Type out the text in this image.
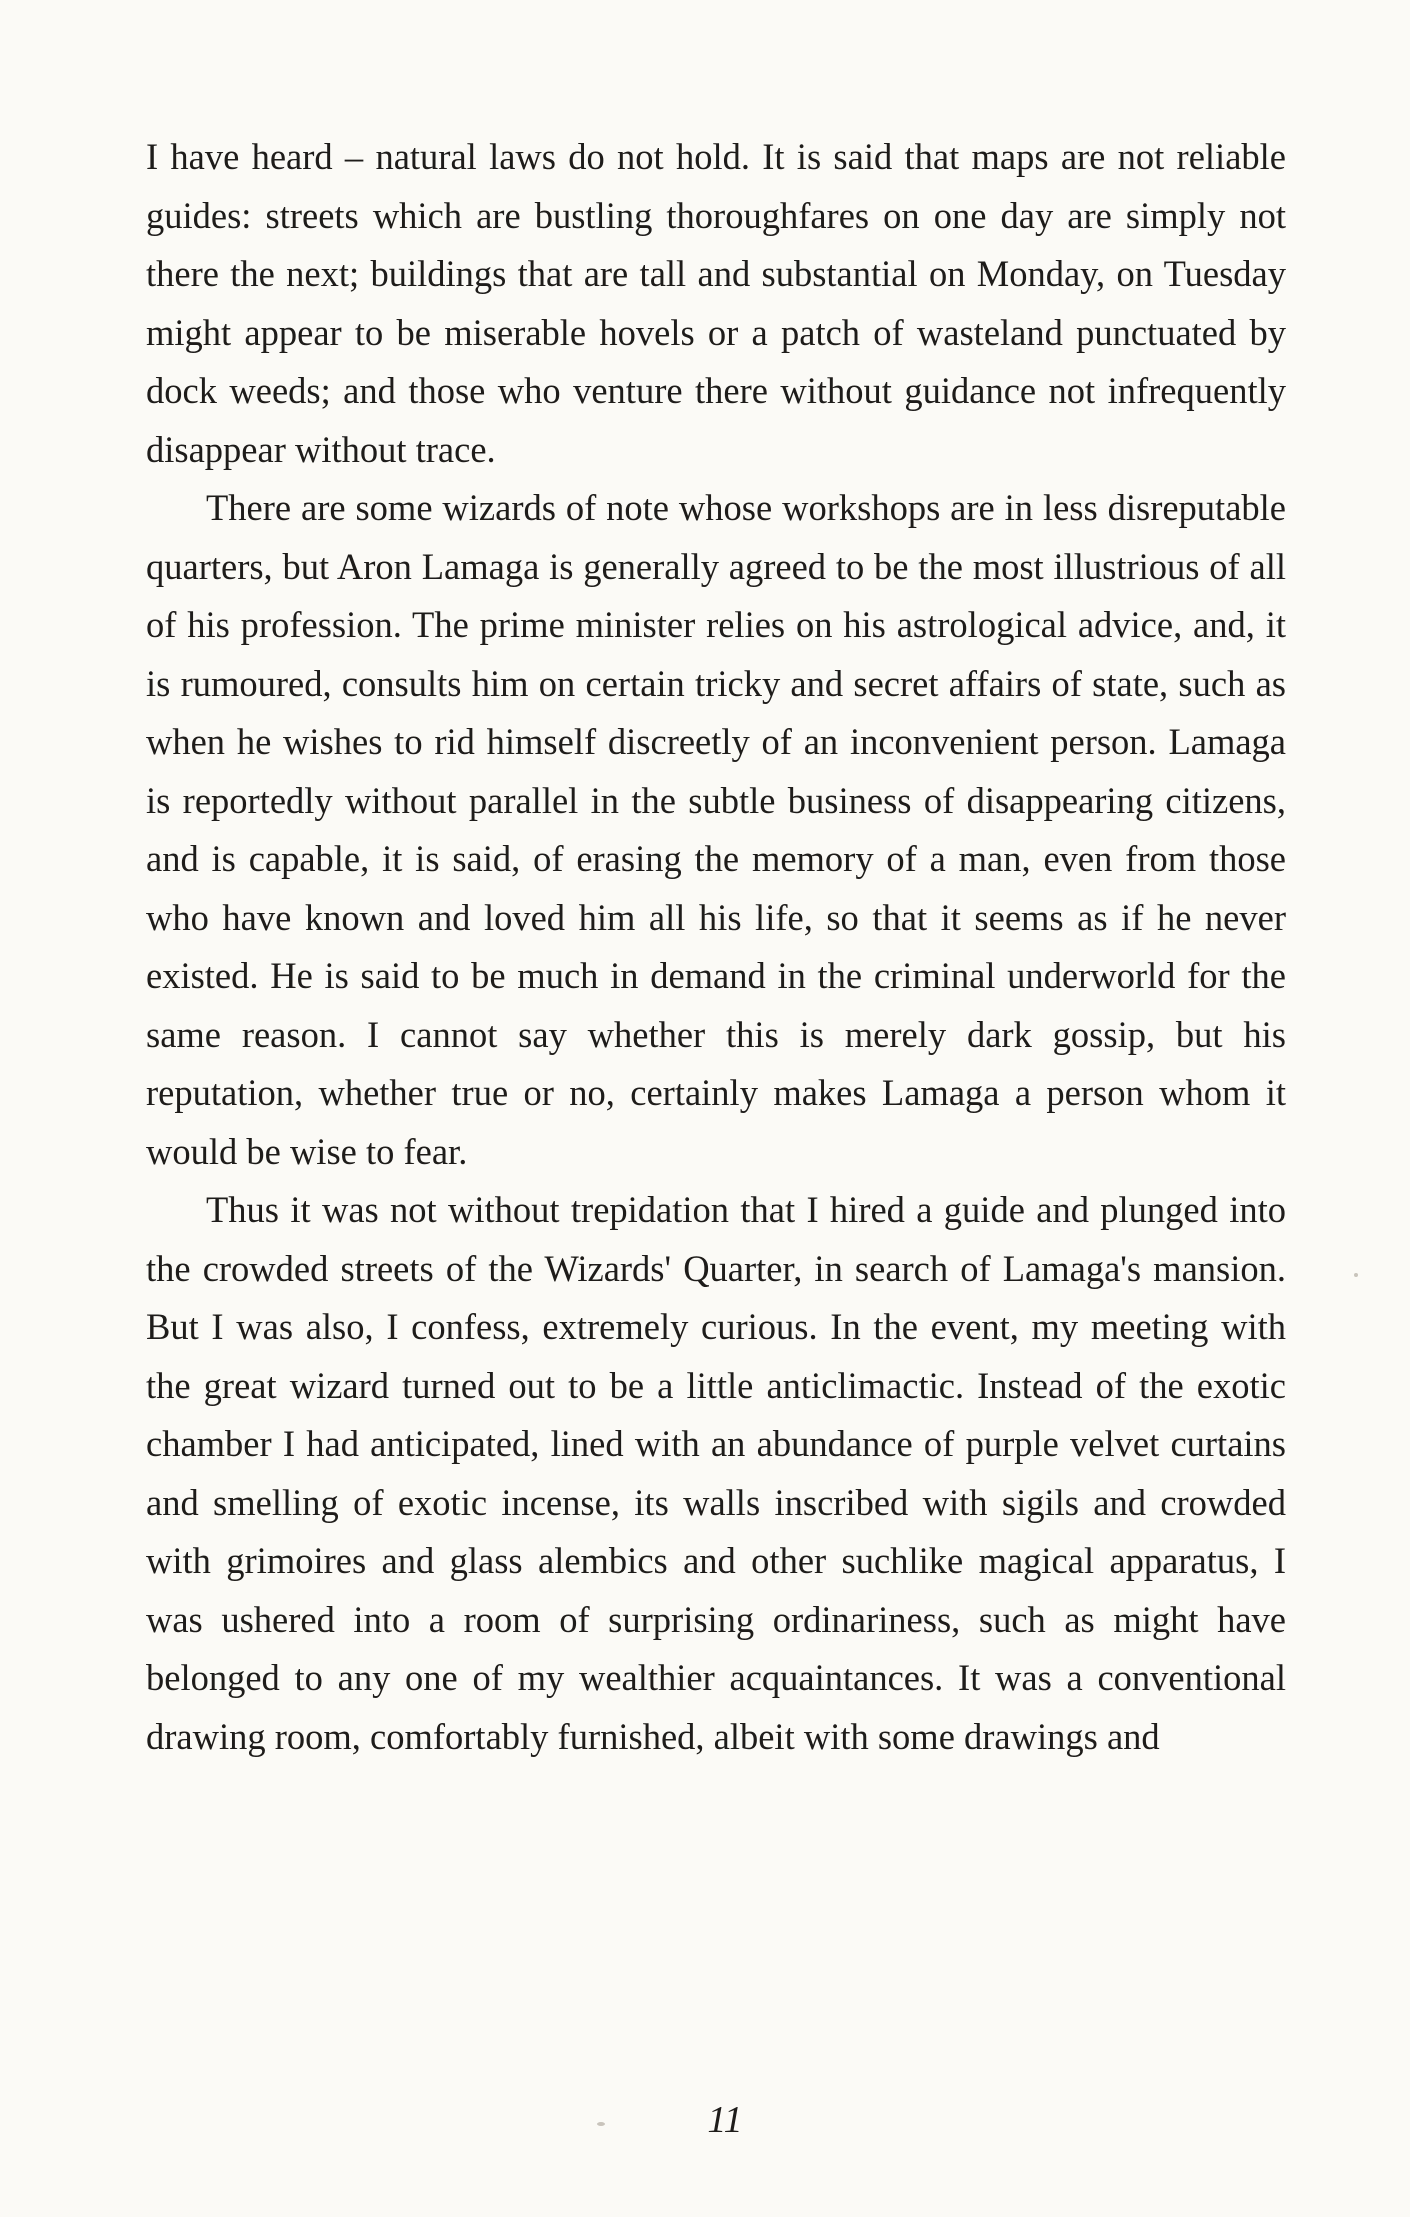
I have heard – natural laws do not hold. It is said that maps are not reliable guides: streets which are bustling thoroughfares on one day are simply not there the next; buildings that are tall and substantial on Monday, on Tuesday might appear to be miserable hovels or a patch of wasteland punctuated by dock weeds; and those who venture there without guidance not infrequently disappear without trace.

There are some wizards of note whose workshops are in less disreputable quarters, but Aron Lamaga is generally agreed to be the most illustrious of all of his profession. The prime minister relies on his astrological advice, and, it is rumoured, consults him on certain tricky and secret affairs of state, such as when he wishes to rid himself discreetly of an inconvenient person. Lamaga is reportedly without parallel in the subtle business of disappearing citizens, and is capable, it is said, of erasing the memory of a man, even from those who have known and loved him all his life, so that it seems as if he never existed. He is said to be much in demand in the criminal underworld for the same reason. I cannot say whether this is merely dark gossip, but his reputation, whether true or no, certainly makes Lamaga a person whom it would be wise to fear.

Thus it was not without trepidation that I hired a guide and plunged into the crowded streets of the Wizards' Quarter, in search of Lamaga's mansion. But I was also, I confess, extremely curious. In the event, my meeting with the great wizard turned out to be a little anticlimactic. Instead of the exotic chamber I had anticipated, lined with an abundance of purple velvet curtains and smelling of exotic incense, its walls inscribed with sigils and crowded with grimoires and glass alembics and other suchlike magical apparatus, I was ushered into a room of surprising ordinariness, such as might have belonged to any one of my wealthier acquaintances. It was a conventional drawing room, comfortably furnished, albeit with some drawings and

11
